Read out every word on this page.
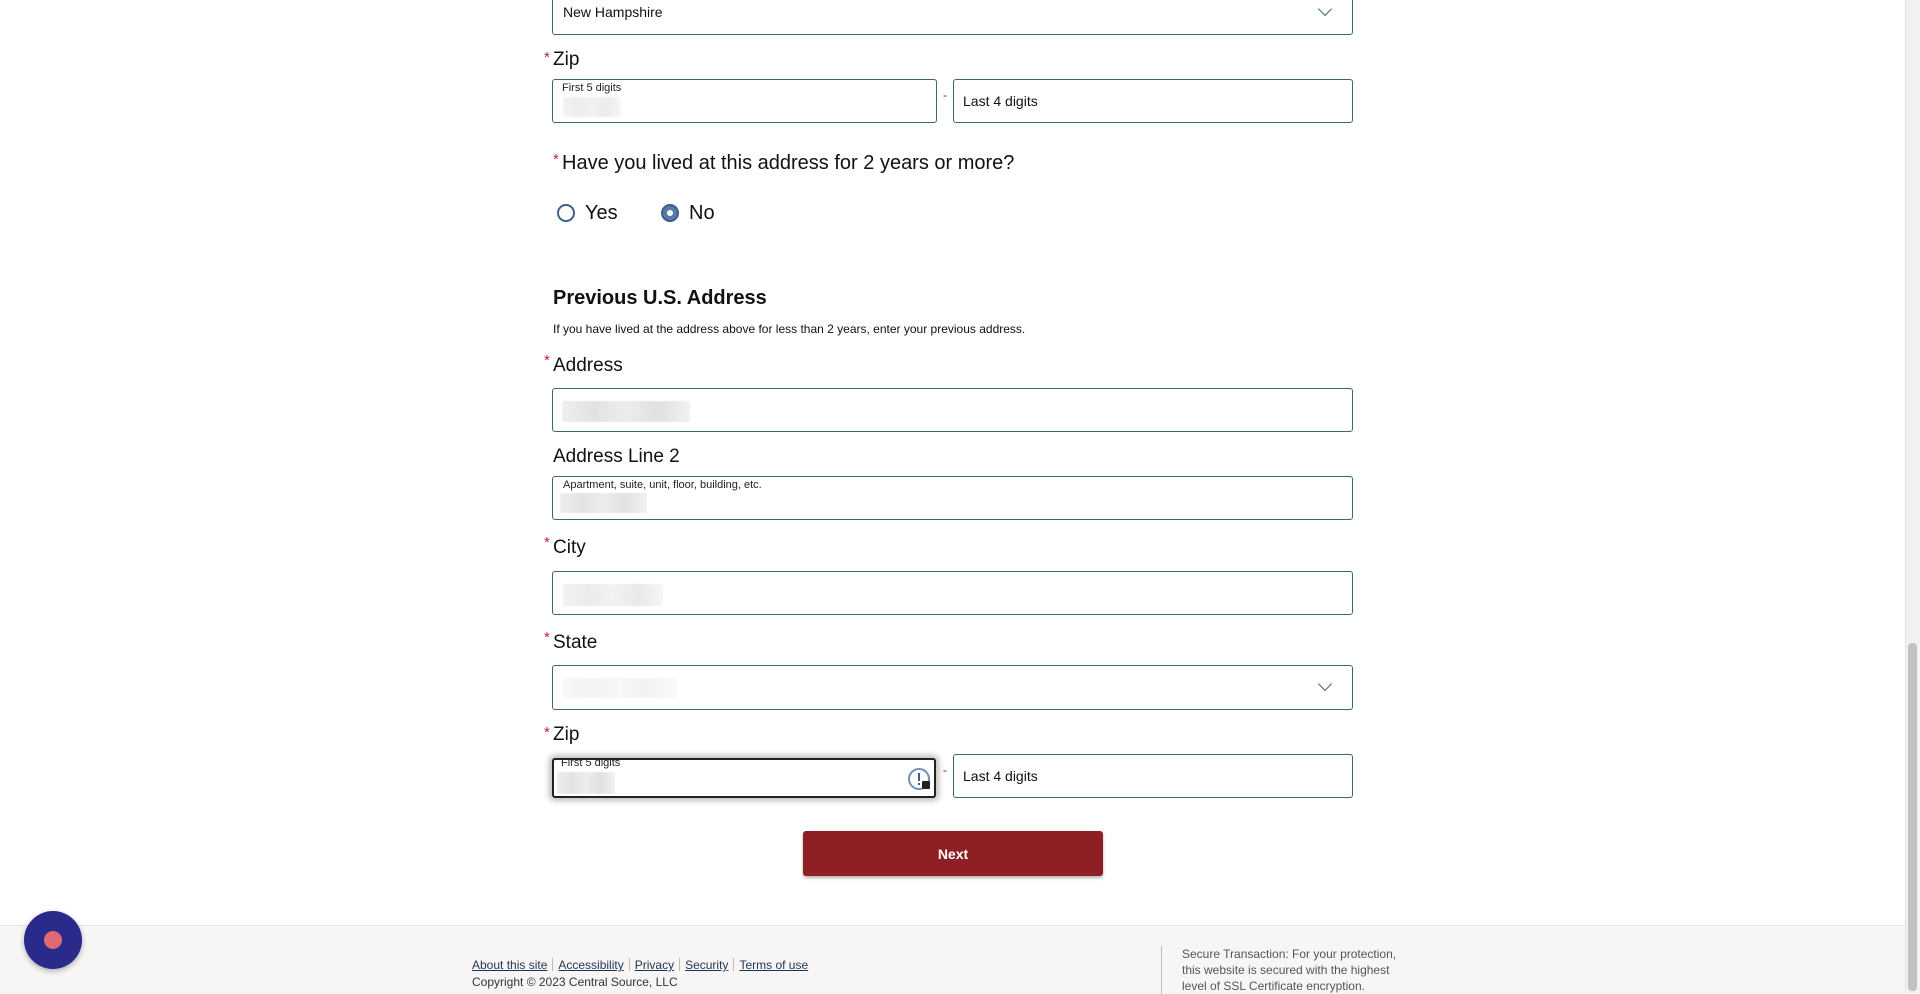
New Hampshire
* Zip
First 5 digits	- Last 4 digits
* Have you lived at this address for 2 years or more?
Yes	No
Previous U.S. Address
If you have lived at the address above for less than 2 years, enter your previous address.
* Address
Address Line 2
Apartment, suite, unit, floor, building, etc.
* City
* State
* Zip
First 5 digits	- Last 4 digits
Next
About this site Accessibility Privacy Security Terms of use
Copyright © 2023 Central Source, LLC
Secure Transaction: For your protection,
this website is secured with the highest
level of SSL Certificate encryption.
